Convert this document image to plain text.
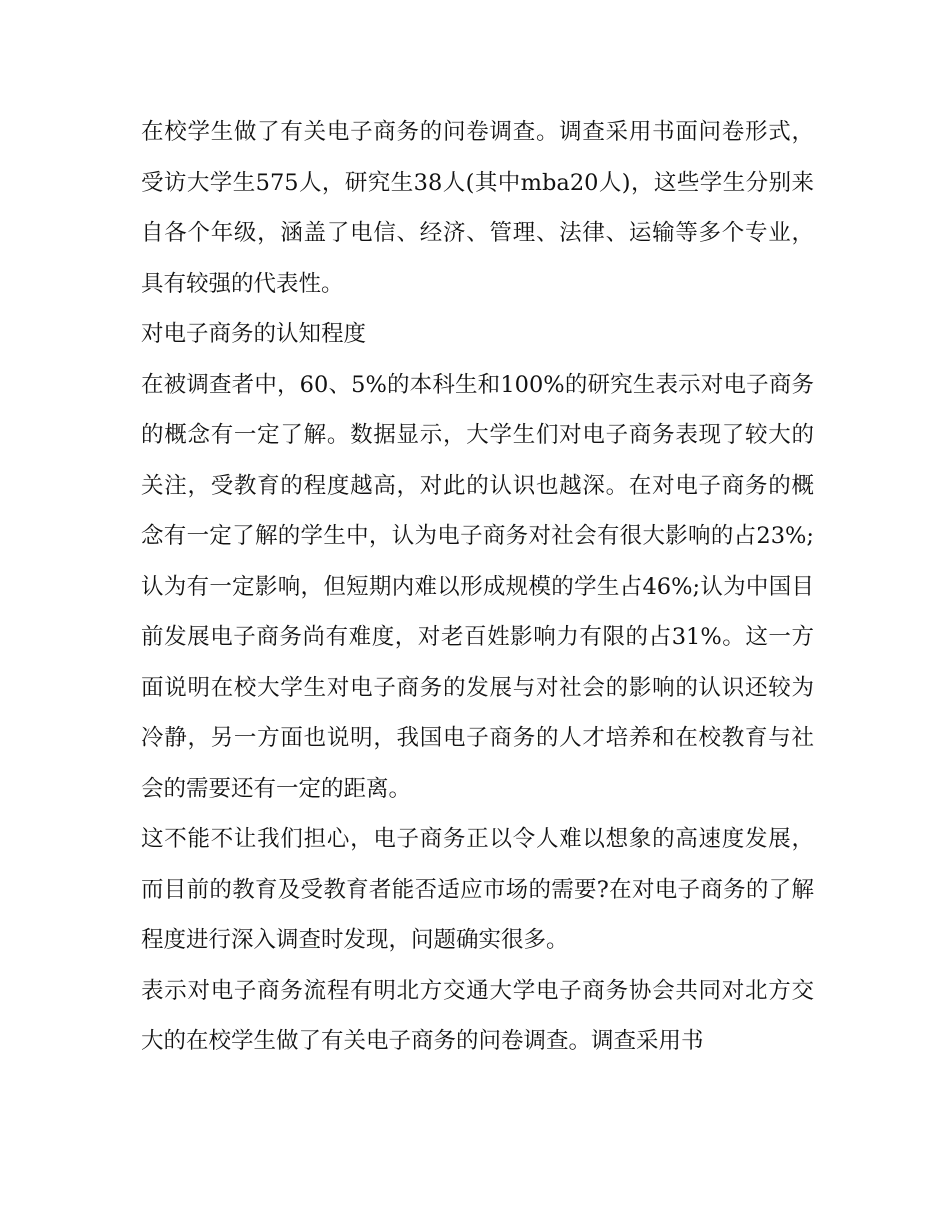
在校学生做了有关电子商务的问卷调查。调查采用书面问卷形式，受访大学生575人，研究生38人(其中mba20人)，这些学生分别来自各个年级，涵盖了电信、经济、管理、法律、运输等多个专业，具有较强的代表性。

对电子商务的认知程度

在被调查者中，60、5%的本科生和100%的研究生表示对电子商务的概念有一定了解。数据显示，大学生们对电子商务表现了较大的关注，受教育的程度越高，对此的认识也越深。在对电子商务的概念有一定了解的学生中，认为电子商务对社会有很大影响的占23%;认为有一定影响，但短期内难以形成规模的学生占46%;认为中国目前发展电子商务尚有难度，对老百姓影响力有限的占31%。这一方面说明在校大学生对电子商务的发展与对社会的影响的认识还较为冷静，另一方面也说明，我国电子商务的人才培养和在校教育与社会的需要还有一定的距离。

这不能不让我们担心，电子商务正以令人难以想象的高速度发展，而目前的教育及受教育者能否适应市场的需要?在对电子商务的了解程度进行深入调查时发现，问题确实很多。

表示对电子商务流程有明北方交通大学电子商务协会共同对北方交大的在校学生做了有关电子商务的问卷调查。调查采用书
